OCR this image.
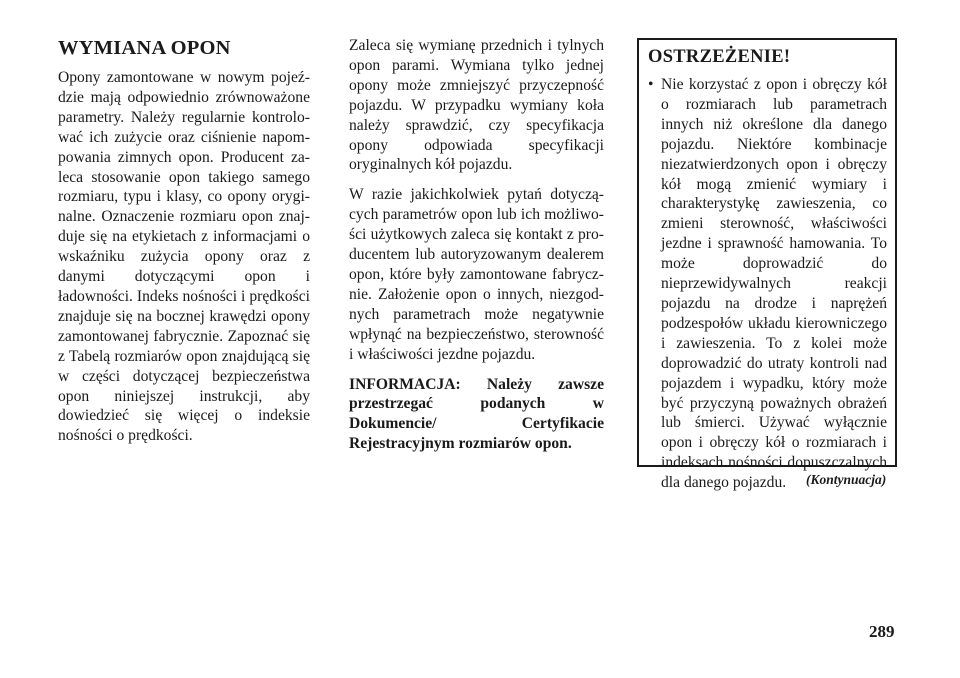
WYMIANA OPON

Opony zamontowane w nowym pojeździe mają odpowiednio zrównoważone parametry. Należy regularnie kontrolować ich zużycie oraz ciśnienie napompowania zimnych opon. Producent zaleca stosowanie opon takiego samego rozmiaru, typu i klasy, co opony oryginalne. Oznaczenie rozmiaru opon znajduje się na etykietach z informacjami o wskaźniku zużycia opony oraz z danymi dotyczącymi opon i ładowności. Indeks nośności i prędkości znajduje się na bocznej krawędzi opony zamontowanej fabrycznie. Zapoznać się z Tabelą rozmiarów opon znajdującą się w części dotyczącej bezpieczeństwa opon niniejszej instrukcji, aby dowiedzieć się więcej o indeksie nośności o prędkości.

Zaleca się wymianę przednich i tylnych opon parami. Wymiana tylko jednej opony może zmniejszyć przyczepność pojazdu. W przypadku wymiany koła należy sprawdzić, czy specyfikacja opony odpowiada specyfikacji oryginalnych kół pojazdu.

W razie jakichkolwiek pytań dotyczących parametrów opon lub ich możliwości użytkowych zaleca się kontakt z producentem lub autoryzowanym dealerem opon, które były zamontowane fabrycznie. Założenie opon o innych, niezgodnych parametrach może negatywnie wpłynąć na bezpieczeństwo, sterowność i właściwości jezdne pojazdu.

INFORMACJA: Należy zawsze przestrzegać podanych w Dokumencie/ Certyfikacie Rejestracyjnym rozmiarów opon.

OSTRZEŻENIE!
• Nie korzystać z opon i obręczy kół o rozmiarach lub parametrach innych niż określone dla danego pojazdu. Niektóre kombinacje niezatwierdzonych opon i obręczy kół mogą zmienić wymiary i charakterystykę zawieszenia, co zmieni sterowność, właściwości jezdne i sprawność hamowania. To może doprowadzić do nieprzewidywalnych reakcji pojazdu na drodze i naprężeń podzespołów układu kierowniczego i zawieszenia. To z kolei może doprowadzić do utraty kontroli nad pojazdem i wypadku, który może być przyczyną poważnych obrażeń lub śmierci. Używać wyłącznie opon i obręczy kół o rozmiarach i indeksach nośności dopuszczalnych dla danego pojazdu.	(Kontynuacja)
289
